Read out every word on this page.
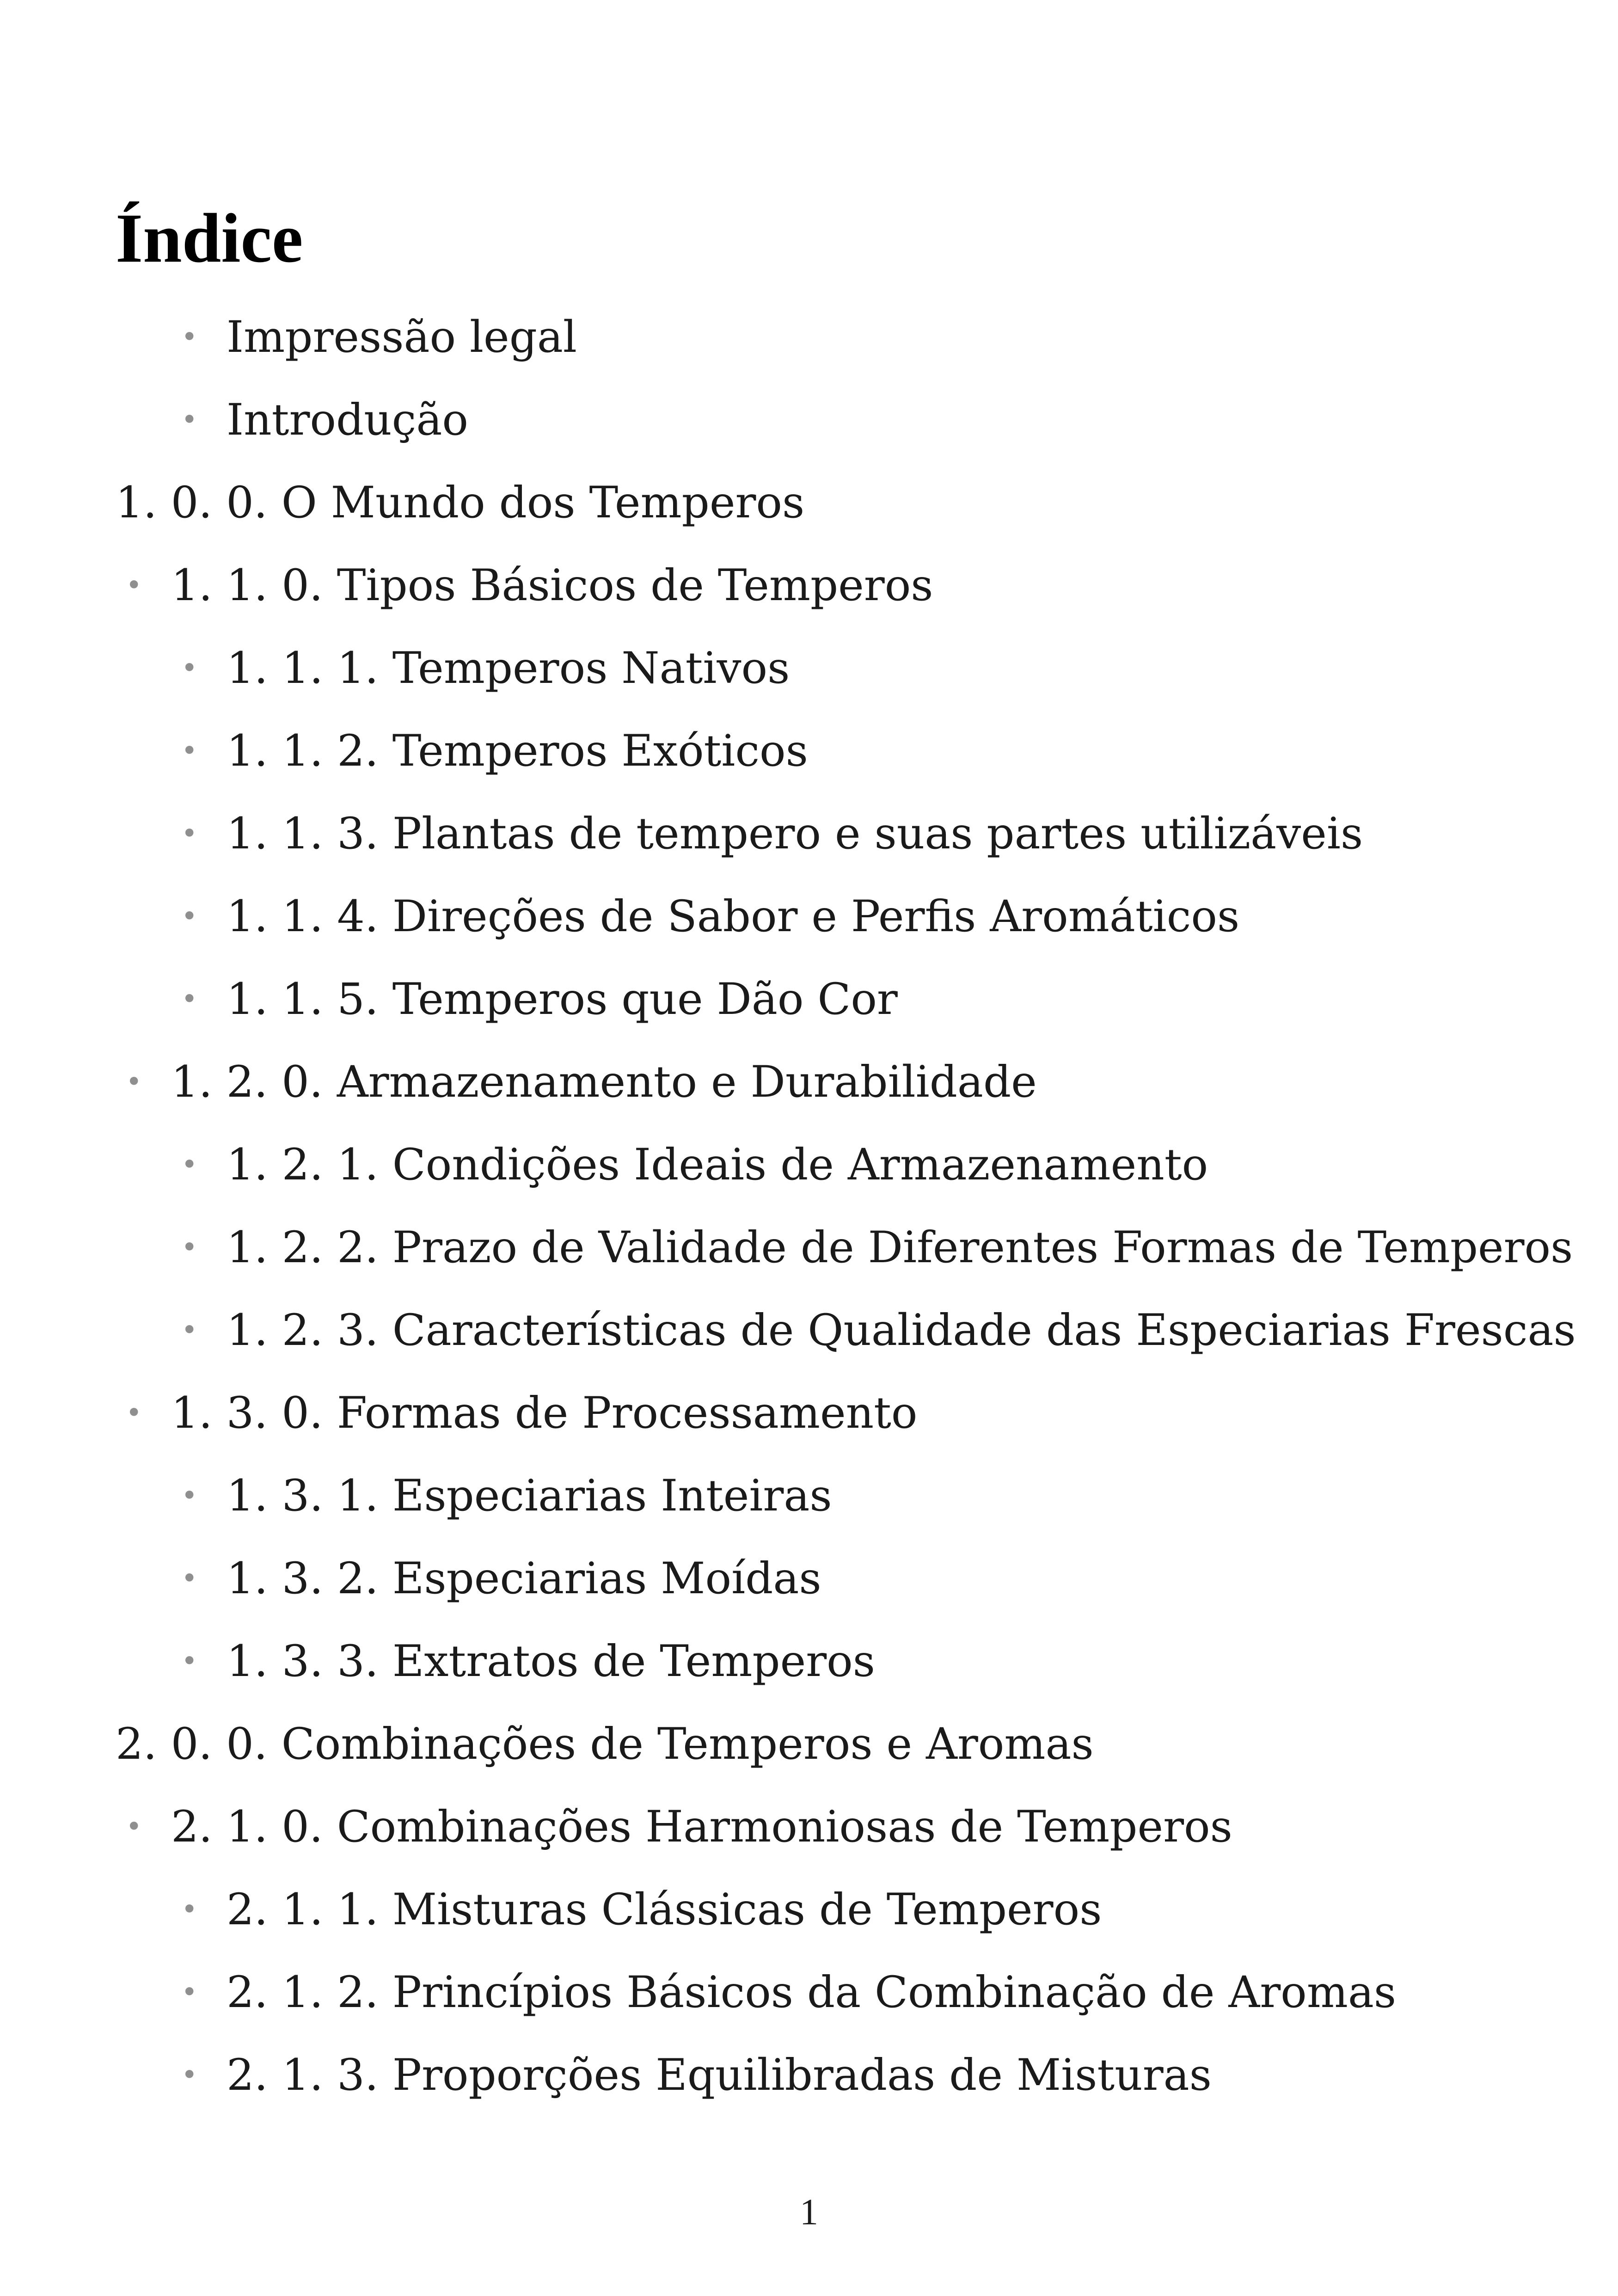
Índice
• Impressão legal
• Introdução
1. 0. 0. O Mundo dos Temperos
• 1. 1. 0. Tipos Básicos de Temperos
• 1. 1. 1. Temperos Nativos
• 1. 1. 2. Temperos Exóticos
• 1. 1. 3. Plantas de tempero e suas partes utilizáveis
• 1. 1. 4. Direções de Sabor e Perfis Aromáticos
• 1. 1. 5. Temperos que Dão Cor
• 1. 2. 0. Armazenamento e Durabilidade
• 1. 2. 1. Condições Ideais de Armazenamento
• 1. 2. 2. Prazo de Validade de Diferentes Formas de Temperos
• 1. 2. 3. Características de Qualidade das Especiarias Frescas
• 1. 3. 0. Formas de Processamento
• 1. 3. 1. Especiarias Inteiras
• 1. 3. 2. Especiarias Moídas
• 1. 3. 3. Extratos de Temperos
2. 0. 0. Combinações de Temperos e Aromas
• 2. 1. 0. Combinações Harmoniosas de Temperos
• 2. 1. 1. Misturas Clássicas de Temperos
• 2. 1. 2. Princípios Básicos da Combinação de Aromas
• 2. 1. 3. Proporções Equilibradas de Misturas
1
